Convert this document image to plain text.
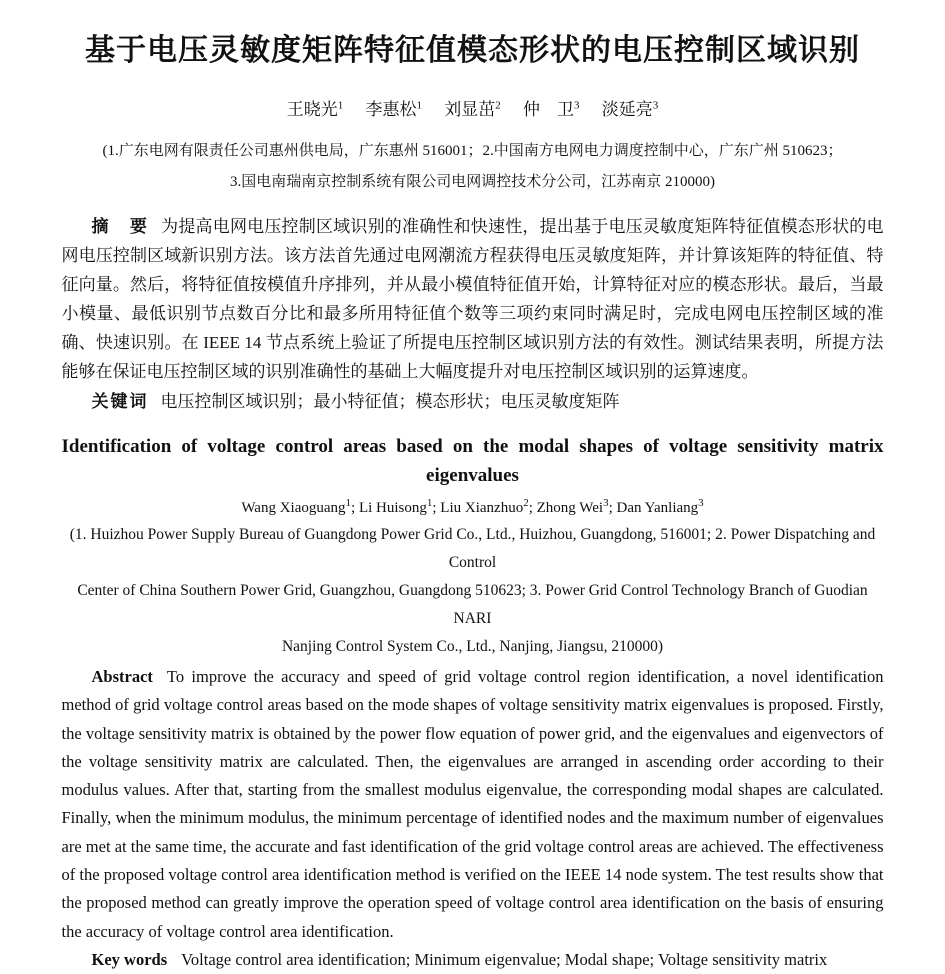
基于电压灵敏度矩阵特征值模态形状的电压控制区域识别
王晓光$^1$ 李惠松$^1$ 刘显茁$^2$ 仲　卫$^3$ 淡延亮$^3$
(1.广东电网有限责任公司惠州供电局，广东惠州 516001；2.中国南方电网电力调度控制中心，广东广州 510623；
3.国电南瑞南京控制系统有限公司电网调控技术分公司，江苏南京 210000)

摘　要 为提高电网电压控制区域识别的准确性和快速性，提出基于电压灵敏度矩阵特征值模态形状的电网电压控制区域新识别方法。该方法首先通过电网潮流方程获得电压灵敏度矩阵，并计算该矩阵的特征值、特征向量。然后，将特征值按模值升序排列，并从最小模值特征值开始，计算特征对应的模态形状。最后，当最小模量、最低识别节点数百分比和最多所用特征值个数等三项约束同时满足时，完成电网电压控制区域的准确、快速识别。在 IEEE 14 节点系统上验证了所提电压控制区域识别方法的有效性。测试结果表明，所提方法能够在保证电压控制区域的识别准确性的基础上大幅度提升对电压控制区域识别的运算速度。

关键词 电压控制区域识别；最小特征值；模态形状；电压灵敏度矩阵

Identification of voltage control areas based on the modal shapes of voltage sensitivity matrix eigenvalues
Wang Xiaoguang$^1$; Li Huisong$^1$; Liu Xianzhuo$^2$; Zhong Wei$^3$; Dan Yanliang$^3$
(1. Huizhou Power Supply Bureau of Guangdong Power Grid Co., Ltd., Huizhou, Guangdong, 516001; 2. Power Dispatching and Control
Center of China Southern Power Grid, Guangzhou, Guangdong 510623; 3. Power Grid Control Technology Branch of Guodian NARI
Nanjing Control System Co., Ltd., Nanjing, Jiangsu, 210000)

Abstract To improve the accuracy and speed of grid voltage control region identification, a novel identification method of grid voltage control areas based on the mode shapes of voltage sensitivity matrix eigenvalues is proposed. Firstly, the voltage sensitivity matrix is obtained by the power flow equation of power grid, and the eigenvalues and eigenvectors of the voltage sensitivity matrix are calculated. Then, the eigenvalues are arranged in ascending order according to their modulus values. After that, starting from the smallest modulus eigenvalue, the corresponding modal shapes are calculated. Finally, when the minimum modulus, the minimum percentage of identified nodes and the maximum number of eigenvalues are met at the same time, the accurate and fast identification of the grid voltage control areas are achieved. The effectiveness of the proposed voltage control area identification method is verified on the IEEE 14 node system. The test results show that the proposed method can greatly improve the operation speed of voltage control area identification on the basis of ensuring the accuracy of voltage control area identification.

Key words Voltage control area identification; Minimum eigenvalue; Modal shape; Voltage sensitivity matrix
